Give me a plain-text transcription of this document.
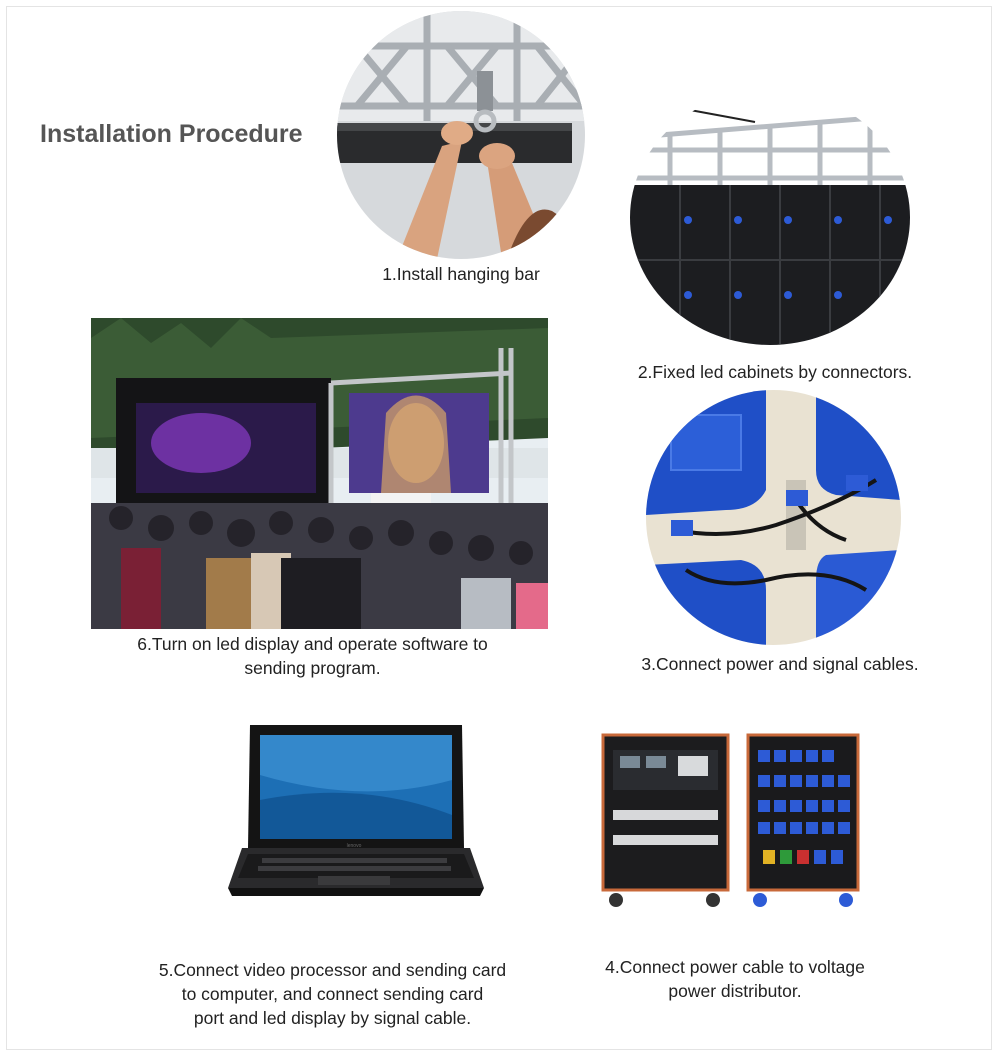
Installation Procedure
1.Install hanging bar
2.Fixed led cabinets by connectors.
6.Turn on led display and operate software to
sending program.	3.Connect power and signal cables.
lenovo
5.Connect video processor and sending card
to computer, and connect sending card
port and led display by signal cable.
4.Connect power cable to voltage
power distributor.
